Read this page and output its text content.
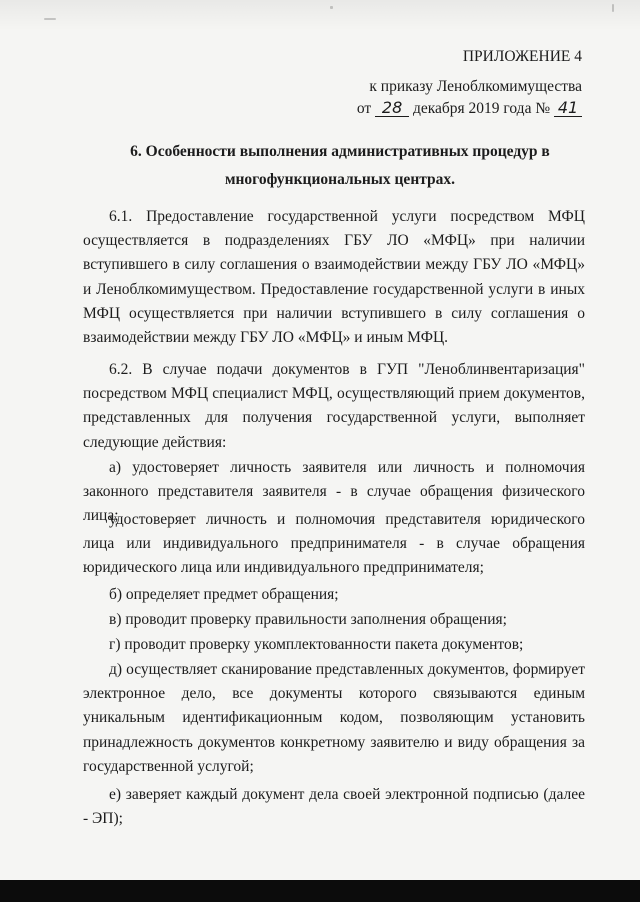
ПРИЛОЖЕНИЕ 4
к приказу Леноблкомимущества
от 28 декабря 2019 года № 41
6. Особенности выполнения административных процедур в
многофункциональных центрах.

6.1. Предоставление государственной услуги посредством МФЦ осуществляется в подразделениях ГБУ ЛО «МФЦ» при наличии вступившего в силу соглашения о взаимодействии между ГБУ ЛО «МФЦ» и Леноблкомимуществом. Предоставление государственной услуги в иных МФЦ осуществляется при наличии вступившего в силу соглашения о взаимодействии между ГБУ ЛО «МФЦ» и иным МФЦ.

6.2. В случае подачи документов в ГУП "Леноблинвентаризация" посредством МФЦ специалист МФЦ, осуществляющий прием документов, представленных для получения государственной услуги, выполняет следующие действия:

а) удостоверяет личность заявителя или личность и полномочия законного представителя заявителя - в случае обращения физического лица;

удостоверяет личность и полномочия представителя юридического лица или индивидуального предпринимателя - в случае обращения юридического лица или индивидуального предпринимателя;

б) определяет предмет обращения;

в) проводит проверку правильности заполнения обращения;

г) проводит проверку укомплектованности пакета документов;

д) осуществляет сканирование представленных документов, формирует электронное дело, все документы которого связываются единым уникальным идентификационным кодом, позволяющим установить принадлежность документов конкретному заявителю и виду обращения за государственной услугой;

е) заверяет каждый документ дела своей электронной подписью (далее - ЭП);
